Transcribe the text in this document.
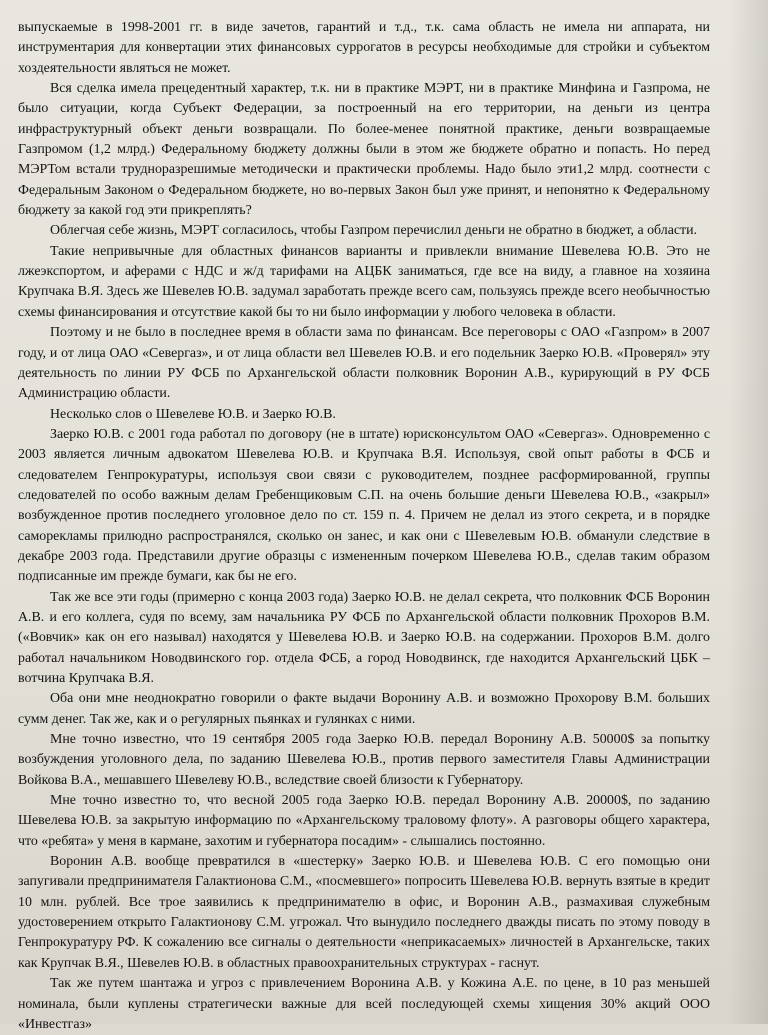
выпускаемые в 1998-2001 гг. в виде зачетов, гарантий и т.д., т.к. сама область не имела ни аппарата, ни инструментария для конвертации этих финансовых суррогатов в ресурсы необходимые для стройки и субъектом хоздеятельности являться не может.

Вся сделка имела прецедентный характер, т.к. ни в практике МЭРТ, ни в практике Минфина и Газпрома, не было ситуации, когда Субъект Федерации, за построенный на его территории, на деньги из центра инфраструктурный объект деньги возвращали. По более-менее понятной практике, деньги возвращаемые Газпромом (1,2 млрд.) Федеральному бюджету должны были в этом же бюджете обратно и попасть. Но перед МЭРТом встали трудноразрешимые методически и практически проблемы. Надо было эти1,2 млрд. соотнести с Федеральным Законом о Федеральном бюджете, но во-первых Закон был уже принят, и непонятно к Федеральному бюджету за какой год эти прикреплять?

Облегчая себе жизнь, МЭРТ согласилось, чтобы Газпром перечислил деньги не обратно в бюджет, а области.

Такие непривычные для областных финансов варианты и привлекли внимание Шевелева Ю.В. Это не лжеэкспортом, и аферами с НДС и ж/д тарифами на АЦБК заниматься, где все на виду, а главное на хозяина Крупчака В.Я. Здесь же Шевелев Ю.В. задумал заработать прежде всего сам, пользуясь прежде всего необычностью схемы финансирования и отсутствие какой бы то ни было информации у любого человека в области.

Поэтому и не было в последнее время в области зама по финансам. Все переговоры с ОАО «Газпром» в 2007 году, и от лица ОАО «Севергаз», и от лица области вел Шевелев Ю.В. и его подельник Заерко Ю.В. «Проверял» эту деятельность по линии РУ ФСБ по Архангельской области полковник Воронин А.В., курирующий в РУ ФСБ Администрацию области.

Несколько слов о Шевелеве Ю.В. и Заерко Ю.В.

Заерко Ю.В. с 2001 года работал по договору (не в штате) юрисконсультом ОАО «Севергаз». Одновременно с 2003 является личным адвокатом Шевелева Ю.В. и Крупчака В.Я. Используя, свой опыт работы в ФСБ и следователем Генпрокуратуры, используя свои связи с руководителем, позднее расформированной, группы следователей по особо важным делам Гребенщиковым С.П. на очень большие деньги Шевелева Ю.В., «закрыл» возбужденное против последнего уголовное дело по ст. 159 п. 4. Причем не делал из этого секрета, и в порядке саморекламы прилюдно распространялся, сколько он занес, и как они с Шевелевым Ю.В. обманули следствие в декабре 2003 года. Представили другие образцы с измененным почерком Шевелева Ю.В., сделав таким образом подписанные им прежде бумаги, как бы не его.

Так же все эти годы (примерно с конца 2003 года) Заерко Ю.В. не делал секрета, что полковник ФСБ Воронин А.В. и его коллега, судя по всему, зам начальника РУ ФСБ по Архангельской области полковник Прохоров В.М. («Вовчик» как он его называл) находятся у Шевелева Ю.В. и Заерко Ю.В. на содержании. Прохоров В.М. долго работал начальником Новодвинского гор. отдела ФСБ, а город Новодвинск, где находится Архангельский ЦБК – вотчина Крупчака В.Я.

Оба они мне неоднократно говорили о факте выдачи Воронину А.В. и возможно Прохорову В.М. больших сумм денег. Так же, как и о регулярных пьянках и гулянках с ними.

Мне точно известно, что 19 сентября 2005 года Заерко Ю.В. передал Воронину А.В. 50000$ за попытку возбуждения уголовного дела, по заданию Шевелева Ю.В., против первого заместителя Главы Администрации Войкова В.А., мешавшего Шевелеву Ю.В., вследствие своей близости к Губернатору.

Мне точно известно то, что весной 2005 года Заерко Ю.В. передал Воронину А.В. 20000$, по заданию Шевелева Ю.В. за закрытую информацию по «Архангельскому траловому флоту». А разговоры общего характера, что «ребята» у меня в кармане, захотим и губернатора посадим» - слышались постоянно.

Воронин А.В. вообще превратился в «шестерку» Заерко Ю.В. и Шевелева Ю.В. С его помощью они запугивали предпринимателя Галактионова С.М., «посмевшего» попросить Шевелева Ю.В. вернуть взятые в кредит 10 млн. рублей. Все трое заявились к предпринимателю в офис, и Воронин А.В., размахивая служебным удостоверением открыто Галактионову С.М. угрожал. Что вынудило последнего дважды писать по этому поводу в Генпрокуратуру РФ. К сожалению все сигналы о деятельности «неприкасаемых» личностей в Архангельске, таких как Крупчак В.Я., Шевелев Ю.В. в областных правоохранительных структурах - гаснут.

Так же путем шантажа и угроз с привлечением Воронина А.В. у Кожина А.Е. по цене, в 10 раз меньшей номинала, были куплены стратегически важные для всей последующей схемы хищения 30% акций ООО «Инвестгаз»
